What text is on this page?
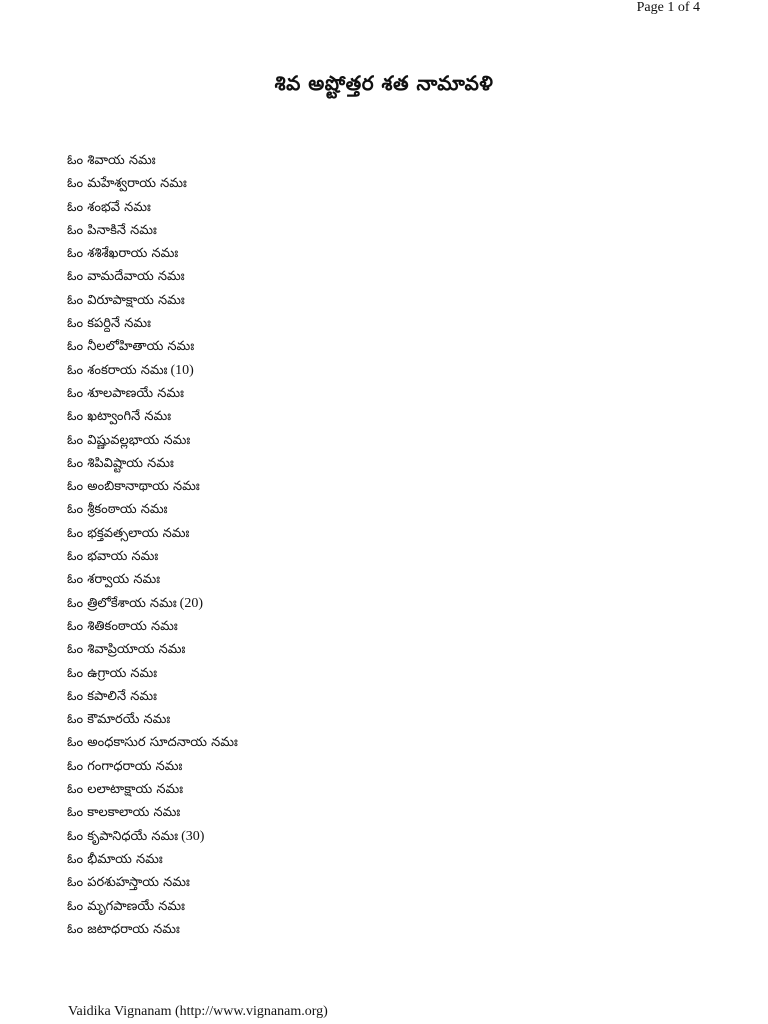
Page 1 of 4
శివ అష్టోత్తర శత నామావళి
ఓం శివాయ నమః
ఓం మహేశ్వరాయ నమః
ఓం శంభవే నమః
ఓం పినాకినే నమః
ఓం శశిశేఖరాయ నమః
ఓం వామదేవాయ నమః
ఓం విరూపాక్షాయ నమః
ఓం కపర్దినే నమః
ఓం నీలలోహితాయ నమః
ఓం శంకరాయ నమః (10)
ఓం శూలపాణయే నమః
ఓం ఖట్వాంగినే నమః
ఓం విష్ణువల్లభాయ నమః
ఓం శిపివిష్టాయ నమః
ఓం అంబికానాథాయ నమః
ఓం శ్రీకంఠాయ నమః
ఓం భక్తవత్సలాయ నమః
ఓం భవాయ నమః
ఓం శర్వాయ నమః
ఓం త్రిలోకేశాయ నమః (20)
ఓం శితికంఠాయ నమః
ఓం శివాప్రియాయ నమః
ఓం ఉగ్రాయ నమః
ఓం కపాలినే నమః
ఓం కౌమారయే నమః
ఓం అంధకాసుర సూదనాయ నమః
ఓం గంగాధరాయ నమః
ఓం లలాటాక్షాయ నమః
ఓం కాలకాలాయ నమః
ఓం కృపానిధయే నమః (30)
ఓం భీమాయ నమః
ఓం పరశుహస్తాయ నమః
ఓం మృగపాణయే నమః
ఓం జటాధరాయ నమః
Vaidika Vignanam (http://www.vignanam.org)
